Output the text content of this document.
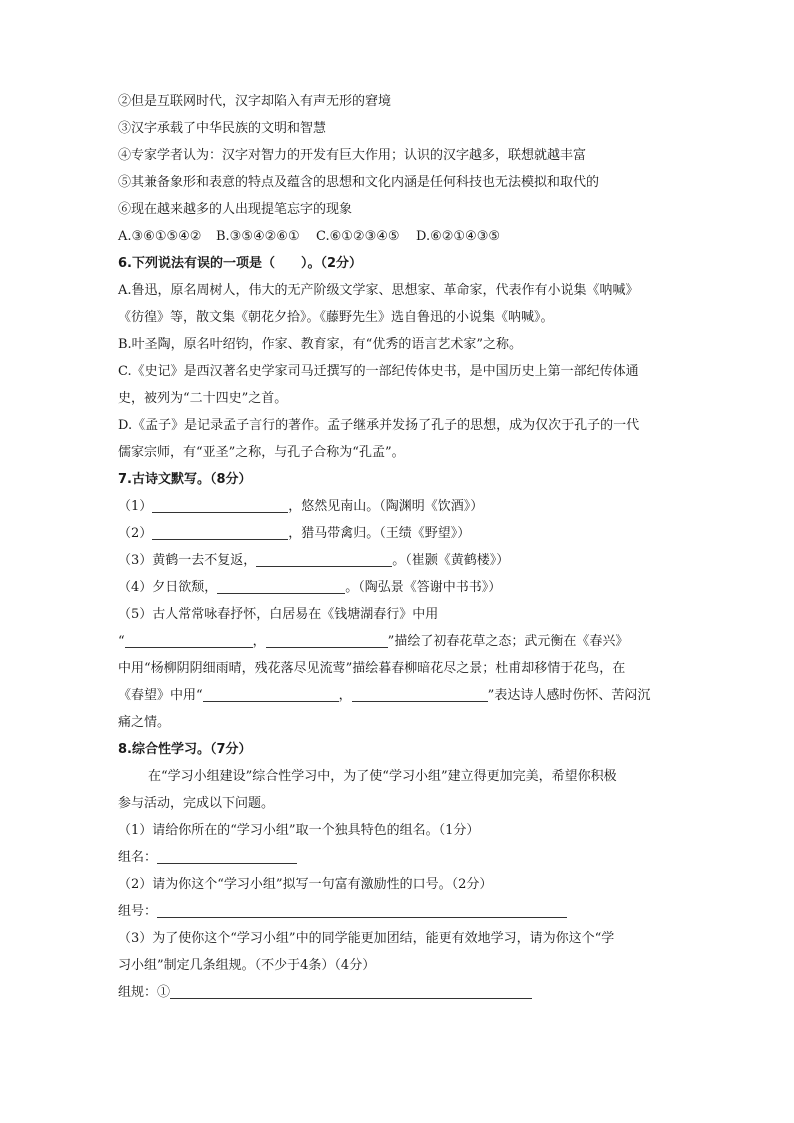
②但是互联网时代，汉字却陷入有声无形的窘境
③汉字承载了中华民族的文明和智慧
④专家学者认为：汉字对智力的开发有巨大作用；认识的汉字越多，联想就越丰富
⑤其兼备象形和表意的特点及蕴含的思想和文化内涵是任何科技也无法模拟和取代的
⑥现在越来越多的人出现提笔忘字的现象
A.③⑥①⑤④②	B.③⑤④②⑥①	C.⑥①②③④⑤	D.⑥②①④③⑤
6.下列说法有误的一项是（　　）。（2分）
A.鲁迅，原名周树人，伟大的无产阶级文学家、思想家、革命家，代表作有小说集《呐喊》
《彷徨》等，散文集《朝花夕拾》。《藤野先生》选自鲁迅的小说集《呐喊》。
B.叶圣陶，原名叶绍钧，作家、教育家，有“优秀的语言艺术家”之称。
C.《史记》是西汉著名史学家司马迁撰写的一部纪传体史书，是中国历史上第一部纪传体通
史，被列为“二十四史”之首。
D.《孟子》是记录孟子言行的著作。孟子继承并发扬了孔子的思想，成为仅次于孔子的一代
儒家宗师，有“亚圣”之称，与孔子合称为“孔孟”。
7.古诗文默写。（8分）
（1）	，悠然见南山。（陶渊明《饮酒》）
（2）	，猎马带禽归。（王绩《野望》）
（3）黄鹤一去不复返，	。（崔颢《黄鹤楼》）
（4）夕日欲颓，	。（陶弘景《答谢中书书》）
（5）古人常常咏春抒怀，白居易在《钱塘湖春行》中用
“	，	”描绘了初春花草之态；武元衡在《春兴》
中用“杨柳阴阴细雨晴，残花落尽见流莺”描绘暮春柳暗花尽之景；杜甫却移情于花鸟，在
《春望》中用“	，	”表达诗人感时伤怀、苦闷沉
痛之情。
8.综合性学习。（7分）
在“学习小组建设”综合性学习中，为了使“学习小组”建立得更加完美，希望你积极
参与活动，完成以下问题。
（1）请给你所在的“学习小组”取一个独具特色的组名。（1分）
组名：
（2）请为你这个“学习小组”拟写一句富有激励性的口号。（2分）
组号：
（3）为了使你这个“学习小组”中的同学能更加团结，能更有效地学习，请为你这个“学
习小组”制定几条组规。（不少于4条）（4分）
组规：①
